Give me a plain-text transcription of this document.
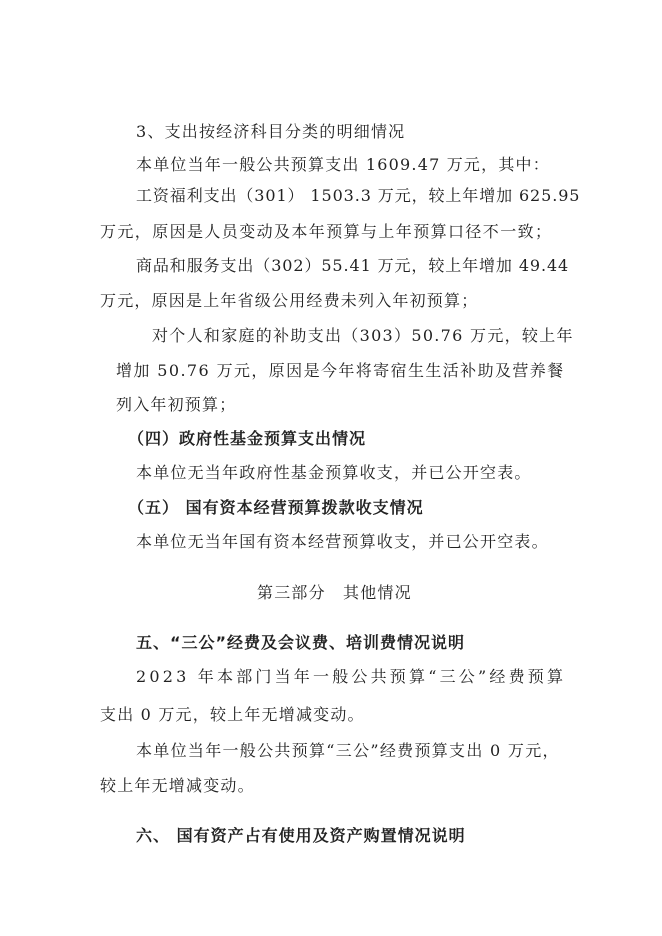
3、支出按经济科目分类的明细情况
本单位当年一般公共预算支出 1609.47 万元，其中：
工资福利支出（301） 1503.3 万元，较上年增加 625.95
万元，原因是人员变动及本年预算与上年预算口径不一致；
商品和服务支出（302）55.41 万元，较上年增加 49.44
万元，原因是上年省级公用经费未列入年初预算；
对个人和家庭的补助支出（303）50.76 万元，较上年
增加 50.76 万元，原因是今年将寄宿生生活补助及营养餐
列入年初预算；
（四）政府性基金预算支出情况
本单位无当年政府性基金预算收支，并已公开空表。
（五） 国有资本经营预算拨款收支情况
本单位无当年国有资本经营预算收支，并已公开空表。
第三部分　其他情况
五、“三公”经费及会议费、培训费情况说明
2023 年本部门当年一般公共预算“三公”经费预算
支出 0 万元，较上年无增减变动。
本单位当年一般公共预算“三公”经费预算支出 0 万元，
较上年无增减变动。
六、 国有资产占有使用及资产购置情况说明
